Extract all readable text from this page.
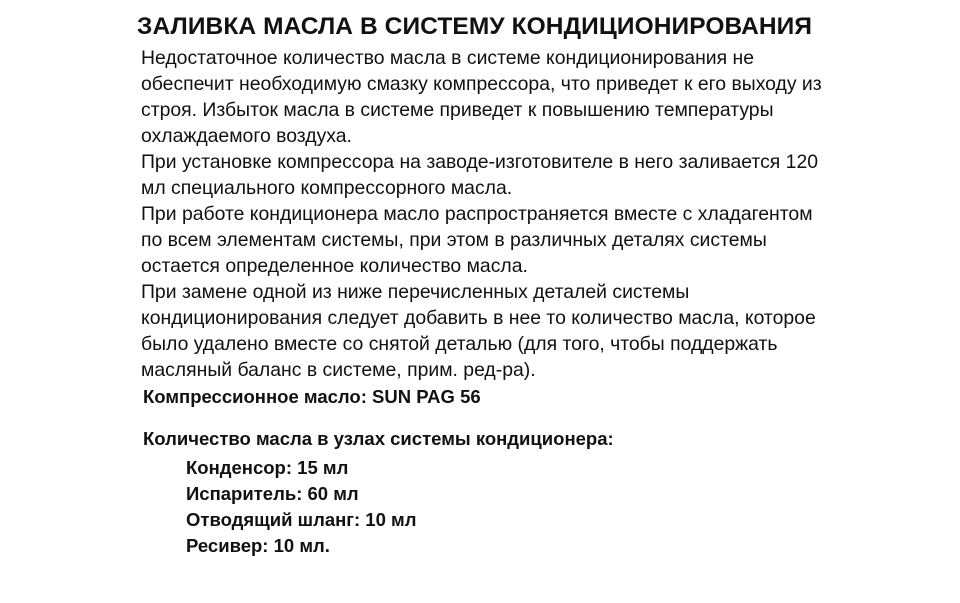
ЗАЛИВКА МАСЛА В СИСТЕМУ КОНДИЦИОНИРОВАНИЯ
Недостаточное количество масла в системе кондиционирования не
обеспечит необходимую смазку компрессора, что приведет к его выходу из
строя. Избыток масла в системе приведет к повышению температуры
охлаждаемого воздуха.
При установке компрессора на заводе-изготовителе в него заливается 120
мл специального компрессорного масла.
При работе кондиционера масло распространяется вместе с хладагентом
по всем элементам системы, при этом в различных деталях системы
остается определенное количество масла.
При замене одной из ниже перечисленных деталей системы
кондиционирования следует добавить в нее то количество масла, которое
было удалено вместе со снятой деталью (для того, чтобы поддержать
масляный баланс в системе, прим. ред-ра).

Компрессионное масло: SUN PAG 56

Количество масла в узлах системы кондиционера:

Конденсор: 15 мл
Испаритель: 60 мл
Отводящий шланг: 10 мл
Ресивер: 10 мл.
